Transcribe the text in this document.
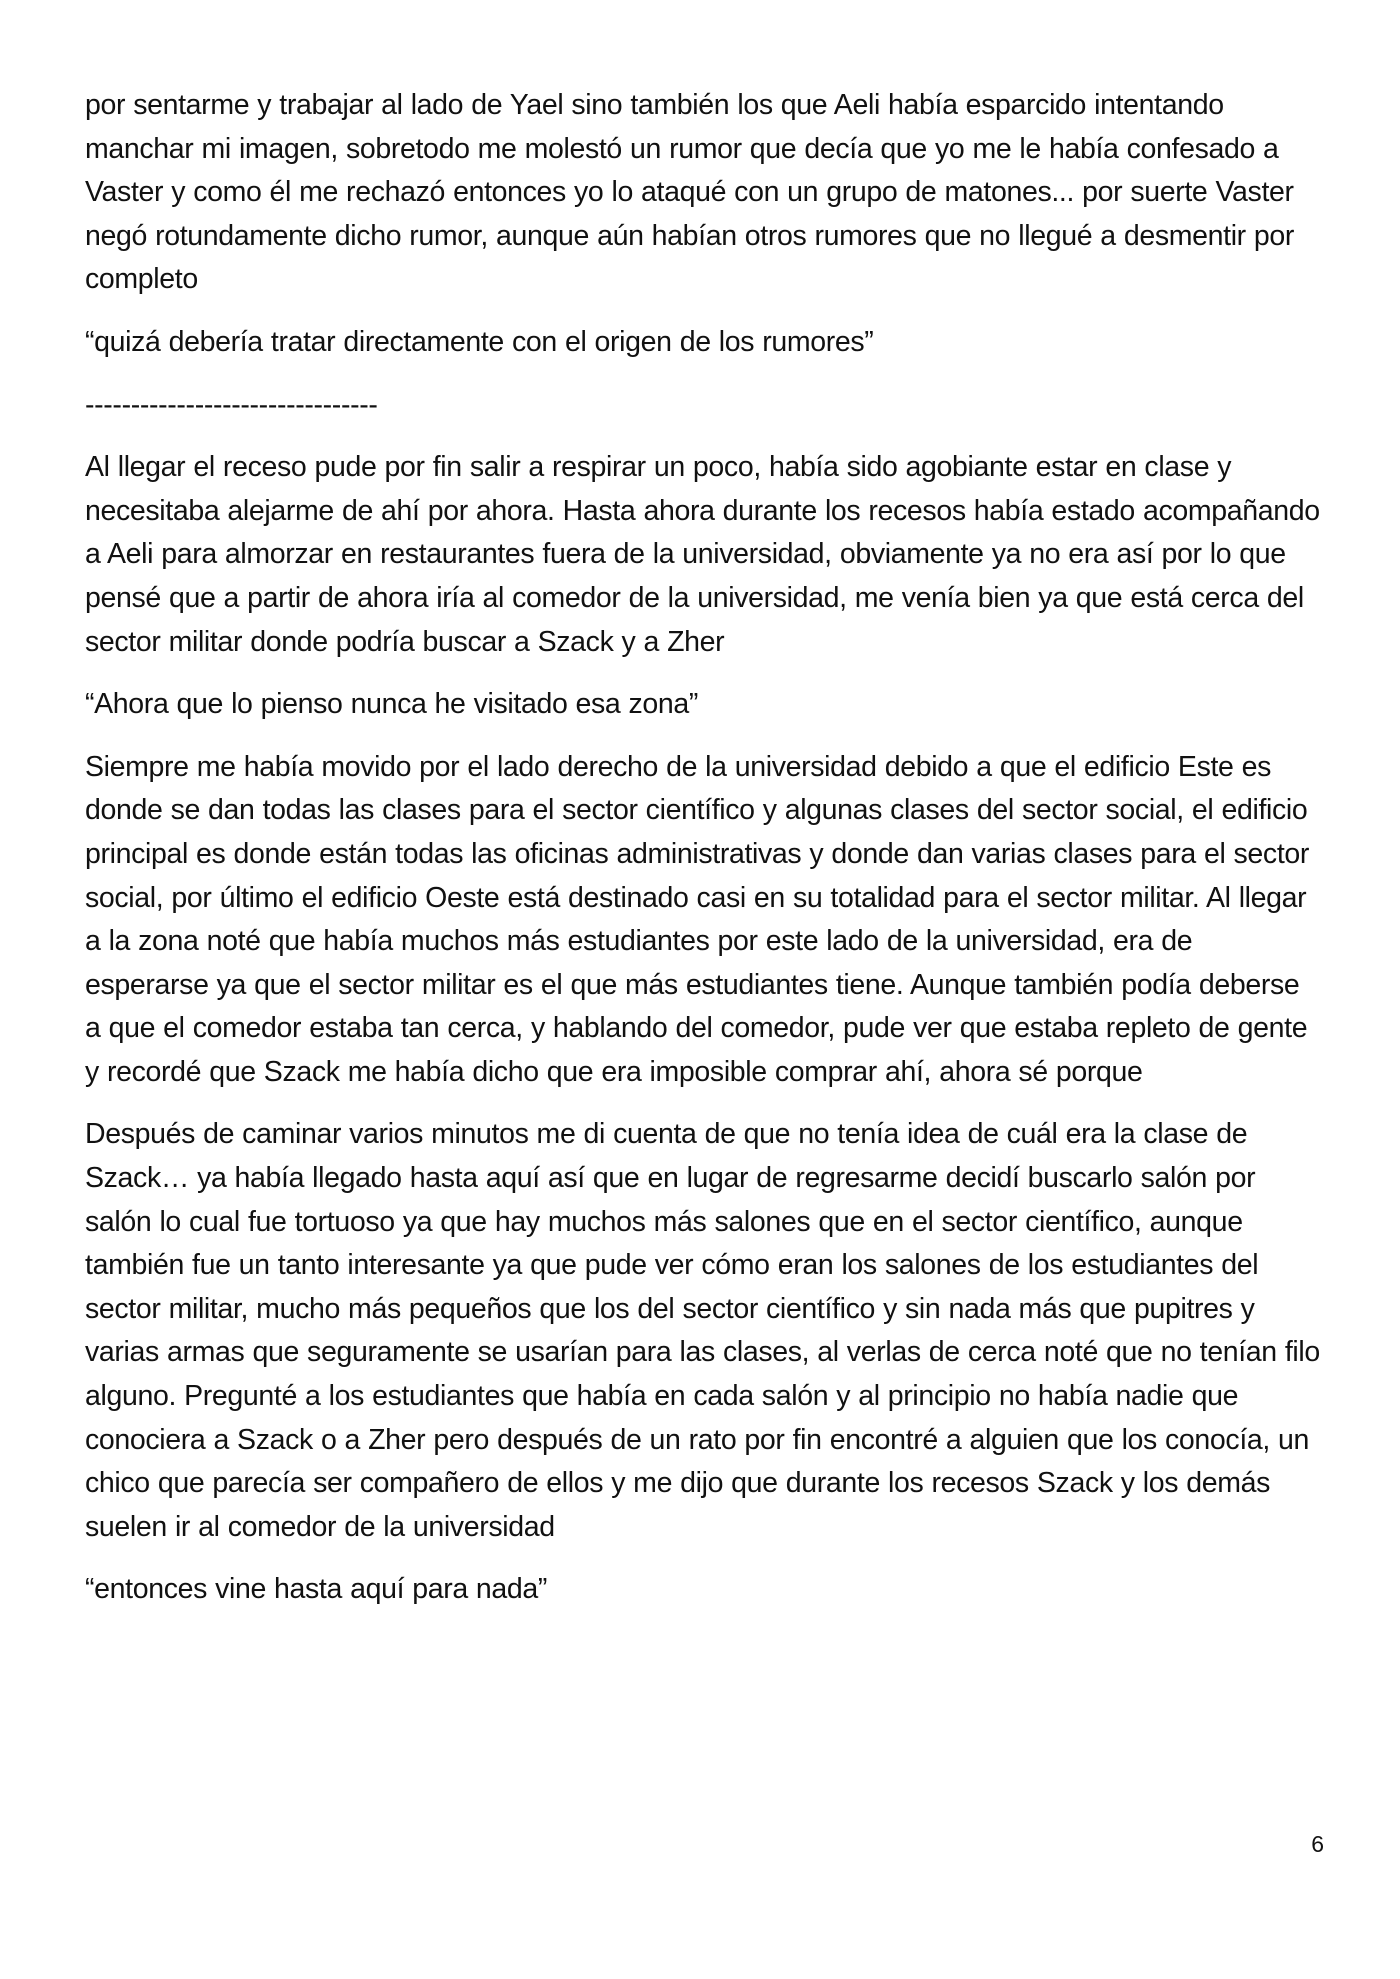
por sentarme y trabajar al lado de Yael sino también los que Aeli había esparcido intentando manchar mi imagen, sobretodo me molestó un rumor que decía que yo me le había confesado a Vaster y como él me rechazó entonces yo lo ataqué con un grupo de matones... por suerte Vaster negó rotundamente dicho rumor, aunque aún habían otros rumores que no llegué a desmentir por completo

“quizá debería tratar directamente con el origen de los rumores”

--------------------------------

Al llegar el receso pude por fin salir a respirar un poco, había sido agobiante estar en clase y necesitaba alejarme de ahí por ahora. Hasta ahora durante los recesos había estado acompañando a Aeli para almorzar en restaurantes fuera de la universidad, obviamente ya no era así por lo que pensé que a partir de ahora iría al comedor de la universidad, me venía bien ya que está cerca del sector militar donde podría buscar a Szack y a Zher

“Ahora que lo pienso nunca he visitado esa zona”

Siempre me había movido por el lado derecho de la universidad debido a que el edificio Este es donde se dan todas las clases para el sector científico y algunas clases del sector social, el edificio principal es donde están todas las oficinas administrativas y donde dan varias clases para el sector social, por último el edificio Oeste está destinado casi en su totalidad para el sector militar. Al llegar a la zona noté que había muchos más estudiantes por este lado de la universidad, era de esperarse ya que el sector militar es el que más estudiantes tiene. Aunque también podía deberse a que el comedor estaba tan cerca, y hablando del comedor, pude ver que estaba repleto de gente y recordé que Szack me había dicho que era imposible comprar ahí, ahora sé porque

Después de caminar varios minutos me di cuenta de que no tenía idea de cuál era la clase de Szack… ya había llegado hasta aquí así que en lugar de regresarme decidí buscarlo salón por salón lo cual fue tortuoso ya que hay muchos más salones que en el sector científico, aunque también fue un tanto interesante ya que pude ver cómo eran los salones de los estudiantes del sector militar, mucho más pequeños que los del sector científico y sin nada más que pupitres y varias armas que seguramente se usarían para las clases, al verlas de cerca noté que no tenían filo alguno. Pregunté a los estudiantes que había en cada salón y al principio no había nadie que conociera a Szack o a Zher pero después de un rato por fin encontré a alguien que los conocía, un chico que parecía ser compañero de ellos y me dijo que durante los recesos Szack y los demás suelen ir al comedor de la universidad

“entonces vine hasta aquí para nada”

6
